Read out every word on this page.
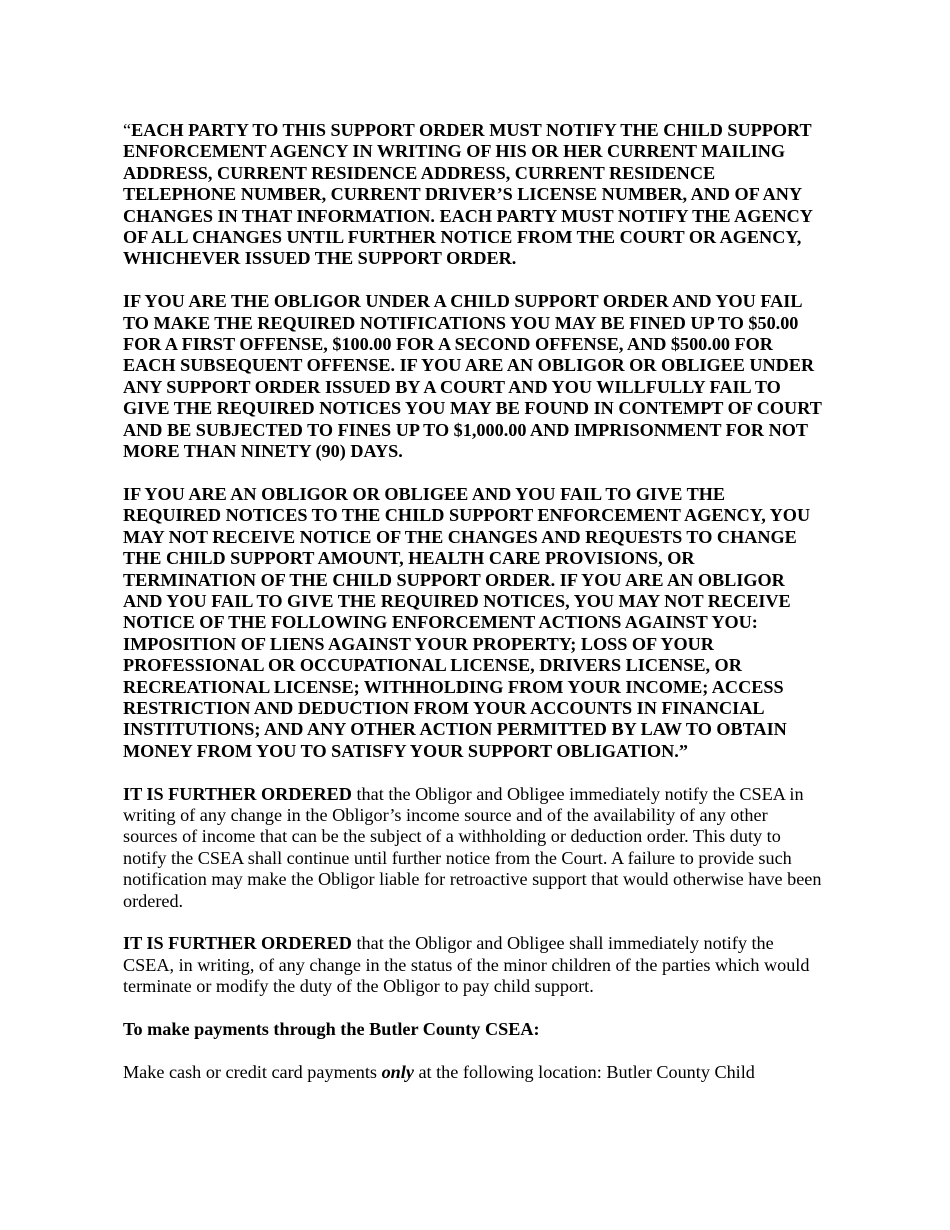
“EACH PARTY TO THIS SUPPORT ORDER MUST NOTIFY THE CHILD SUPPORT ENFORCEMENT AGENCY IN WRITING OF HIS OR HER CURRENT MAILING ADDRESS, CURRENT RESIDENCE ADDRESS, CURRENT RESIDENCE TELEPHONE NUMBER, CURRENT DRIVER’S LICENSE NUMBER, AND OF ANY CHANGES IN THAT INFORMATION. EACH PARTY MUST NOTIFY THE AGENCY OF ALL CHANGES UNTIL FURTHER NOTICE FROM THE COURT OR AGENCY, WHICHEVER ISSUED THE SUPPORT ORDER.

IF YOU ARE THE OBLIGOR UNDER A CHILD SUPPORT ORDER AND YOU FAIL TO MAKE THE REQUIRED NOTIFICATIONS YOU MAY BE FINED UP TO $50.00 FOR A FIRST OFFENSE, $100.00 FOR A SECOND OFFENSE, AND $500.00 FOR EACH SUBSEQUENT OFFENSE. IF YOU ARE AN OBLIGOR OR OBLIGEE UNDER ANY SUPPORT ORDER ISSUED BY A COURT AND YOU WILLFULLY FAIL TO GIVE THE REQUIRED NOTICES YOU MAY BE FOUND IN CONTEMPT OF COURT AND BE SUBJECTED TO FINES UP TO $1,000.00 AND IMPRISONMENT FOR NOT MORE THAN NINETY (90) DAYS.

IF YOU ARE AN OBLIGOR OR OBLIGEE AND YOU FAIL TO GIVE THE REQUIRED NOTICES TO THE CHILD SUPPORT ENFORCEMENT AGENCY, YOU MAY NOT RECEIVE NOTICE OF THE CHANGES AND REQUESTS TO CHANGE THE CHILD SUPPORT AMOUNT, HEALTH CARE PROVISIONS, OR TERMINATION OF THE CHILD SUPPORT ORDER. IF YOU ARE AN OBLIGOR AND YOU FAIL TO GIVE THE REQUIRED NOTICES, YOU MAY NOT RECEIVE NOTICE OF THE FOLLOWING ENFORCEMENT ACTIONS AGAINST YOU: IMPOSITION OF LIENS AGAINST YOUR PROPERTY; LOSS OF YOUR PROFESSIONAL OR OCCUPATIONAL LICENSE, DRIVERS LICENSE, OR RECREATIONAL LICENSE; WITHHOLDING FROM YOUR INCOME; ACCESS RESTRICTION AND DEDUCTION FROM YOUR ACCOUNTS IN FINANCIAL INSTITUTIONS; AND ANY OTHER ACTION PERMITTED BY LAW TO OBTAIN MONEY FROM YOU TO SATISFY YOUR SUPPORT OBLIGATION.”

IT IS FURTHER ORDERED that the Obligor and Obligee immediately notify the CSEA in writing of any change in the Obligor’s income source and of the availability of any other sources of income that can be the subject of a withholding or deduction order. This duty to notify the CSEA shall continue until further notice from the Court. A failure to provide such notification may make the Obligor liable for retroactive support that would otherwise have been ordered.

IT IS FURTHER ORDERED that the Obligor and Obligee shall immediately notify the CSEA, in writing, of any change in the status of the minor children of the parties which would terminate or modify the duty of the Obligor to pay child support.

To make payments through the Butler County CSEA:

Make cash or credit card payments only at the following location: Butler County Child
